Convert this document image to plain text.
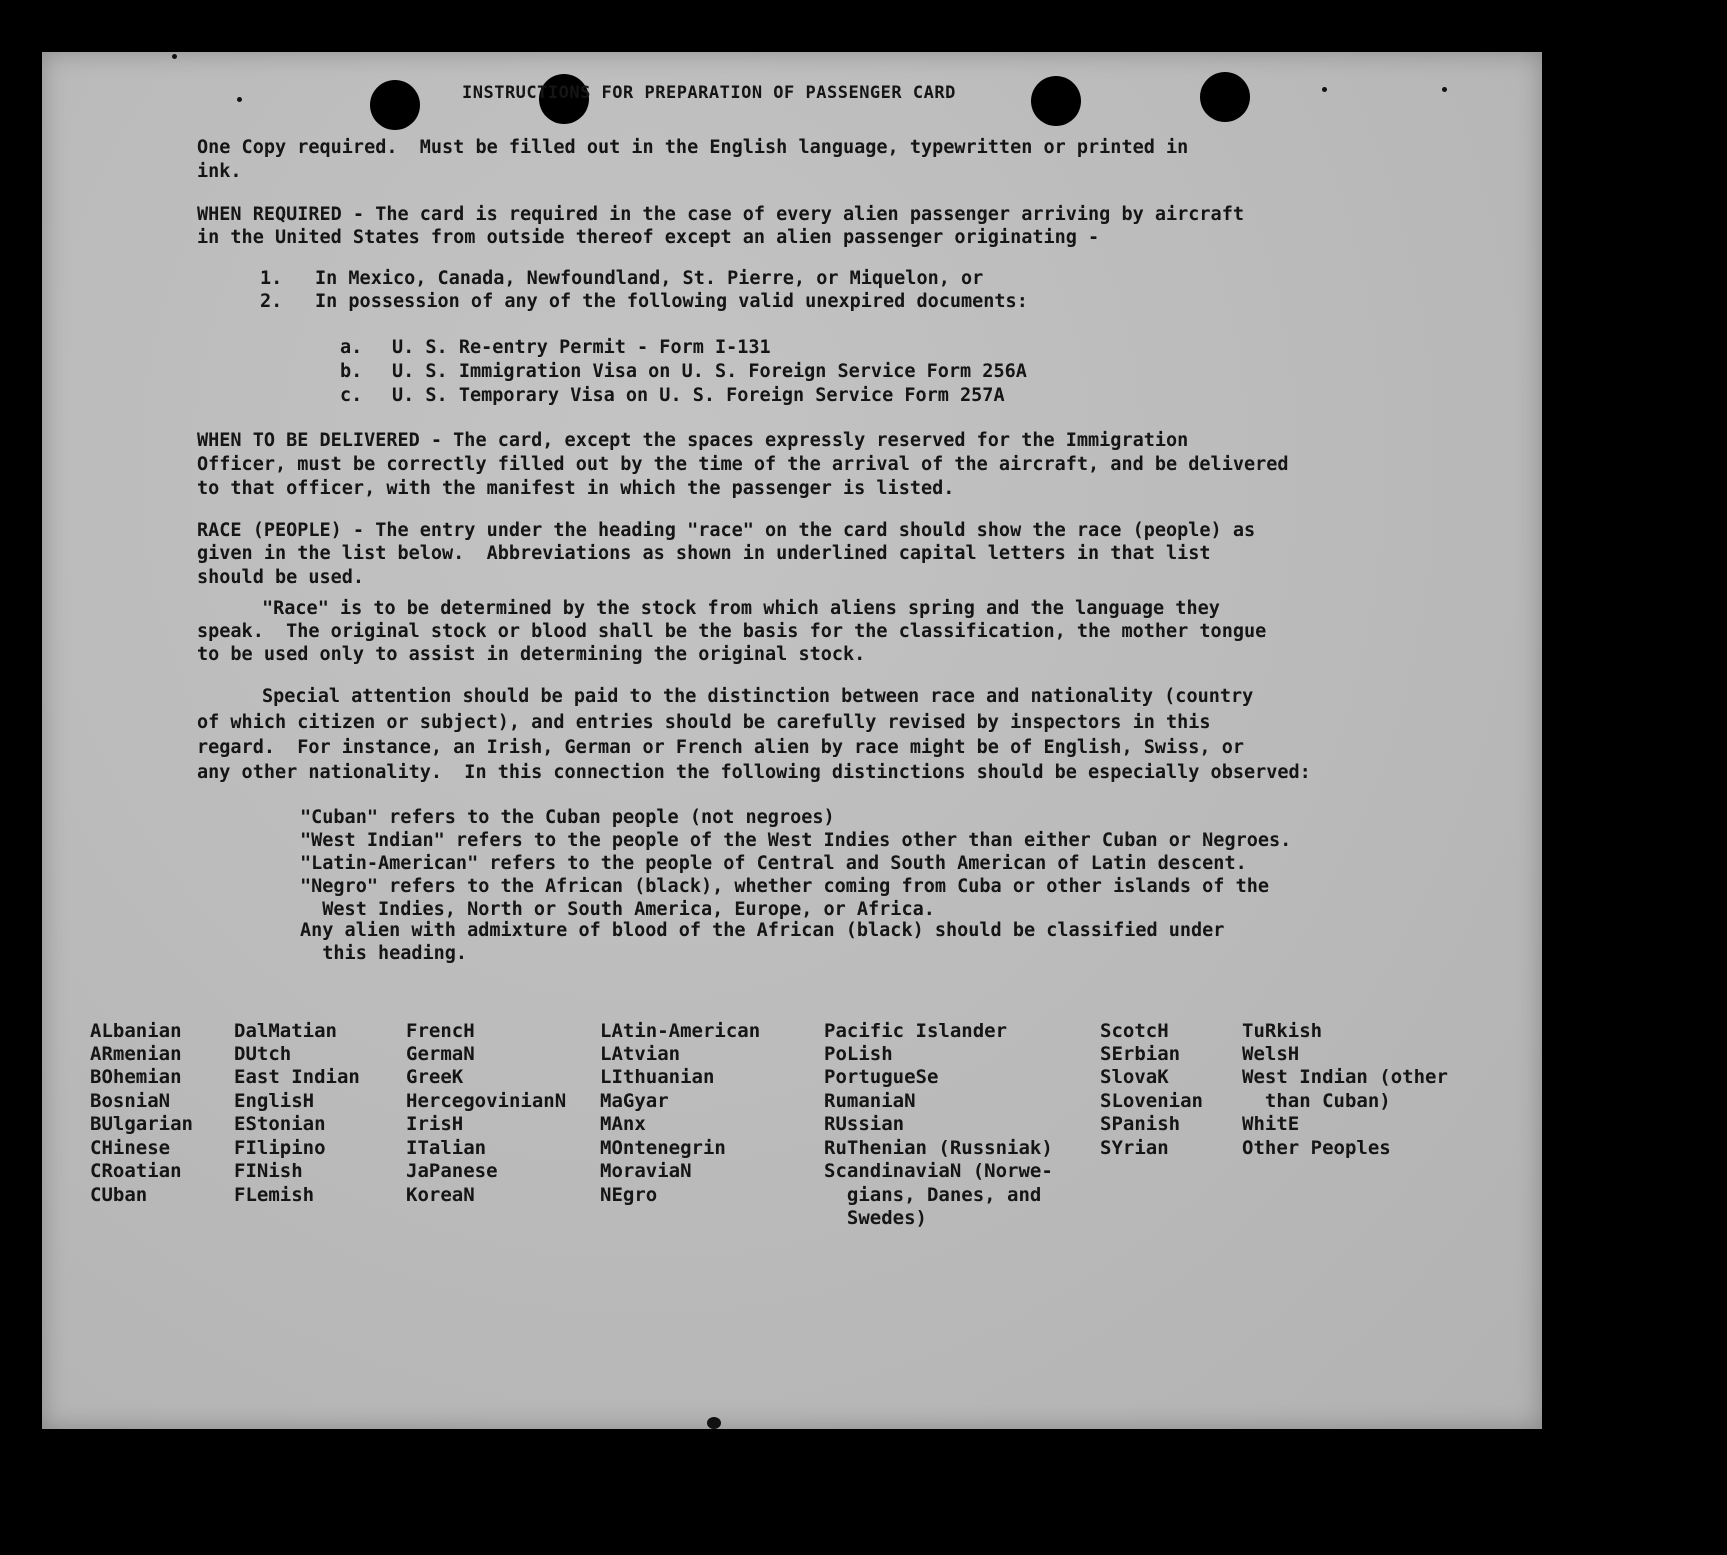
INSTRUCTIONS FOR PREPARATION OF PASSENGER CARD

One Copy required.  Must be filled out in the English language, typewritten or printed in

ink.

WHEN REQUIRED - The card is required in the case of every alien passenger arriving by aircraft

in the United States from outside thereof except an alien passenger originating -

1. In Mexico, Canada, Newfoundland, St. Pierre, or Miquelon, or

2. In possession of any of the following valid unexpired documents:

a. U. S. Re-entry Permit - Form I-131

b. U. S. Immigration Visa on U. S. Foreign Service Form 256A

c. U. S. Temporary Visa on U. S. Foreign Service Form 257A

WHEN TO BE DELIVERED - The card, except the spaces expressly reserved for the Immigration

Officer, must be correctly filled out by the time of the arrival of the aircraft, and be delivered

to that officer, with the manifest in which the passenger is listed.

RACE (PEOPLE) - The entry under the heading "race" on the card should show the race (people) as

given in the list below.  Abbreviations as shown in underlined capital letters in that list

should be used.

"Race" is to be determined by the stock from which aliens spring and the language they

speak.  The original stock or blood shall be the basis for the classification, the mother tongue

to be used only to assist in determining the original stock.

Special attention should be paid to the distinction between race and nationality (country

of which citizen or subject), and entries should be carefully revised by inspectors in this

regard.  For instance, an Irish, German or French alien by race might be of English, Swiss, or

any other nationality.  In this connection the following distinctions should be especially observed:

"Cuban" refers to the Cuban people (not negroes)

"West Indian" refers to the people of the West Indies other than either Cuban or Negroes.

"Latin-American" refers to the people of Central and South American of Latin descent.

"Negro" refers to the African (black), whether coming from Cuba or other islands of the

West Indies, North or South America, Europe, or Africa.

Any alien with admixture of blood of the African (black) should be classified under

this heading.

ALbanian

ARmenian

BOhemian

BosniaN

BUlgarian

CHinese

CRoatian

CUban

DalMatian

DUtch

East Indian

EnglisH

EStonian

FIlipino

FINish

FLemish

FrencH

GermaN

GreeK

HercegovinianN

IrisH

ITalian

JaPanese

KoreaN

LAtin-American

LAtvian

LIthuanian

MaGyar

MAnx

MOntenegrin

MoraviaN

NEgro

Pacific Islander

PoLish

PortugueSe

RumaniaN

RUssian

RuThenian (Russniak)

ScandinaviaN (Norwe-

gians, Danes, and

Swedes)

ScotcH

SErbian

SlovaK

SLovenian

SPanish

SYrian

TuRkish

WelsH

West Indian (other

than Cuban)

WhitE

Other Peoples
